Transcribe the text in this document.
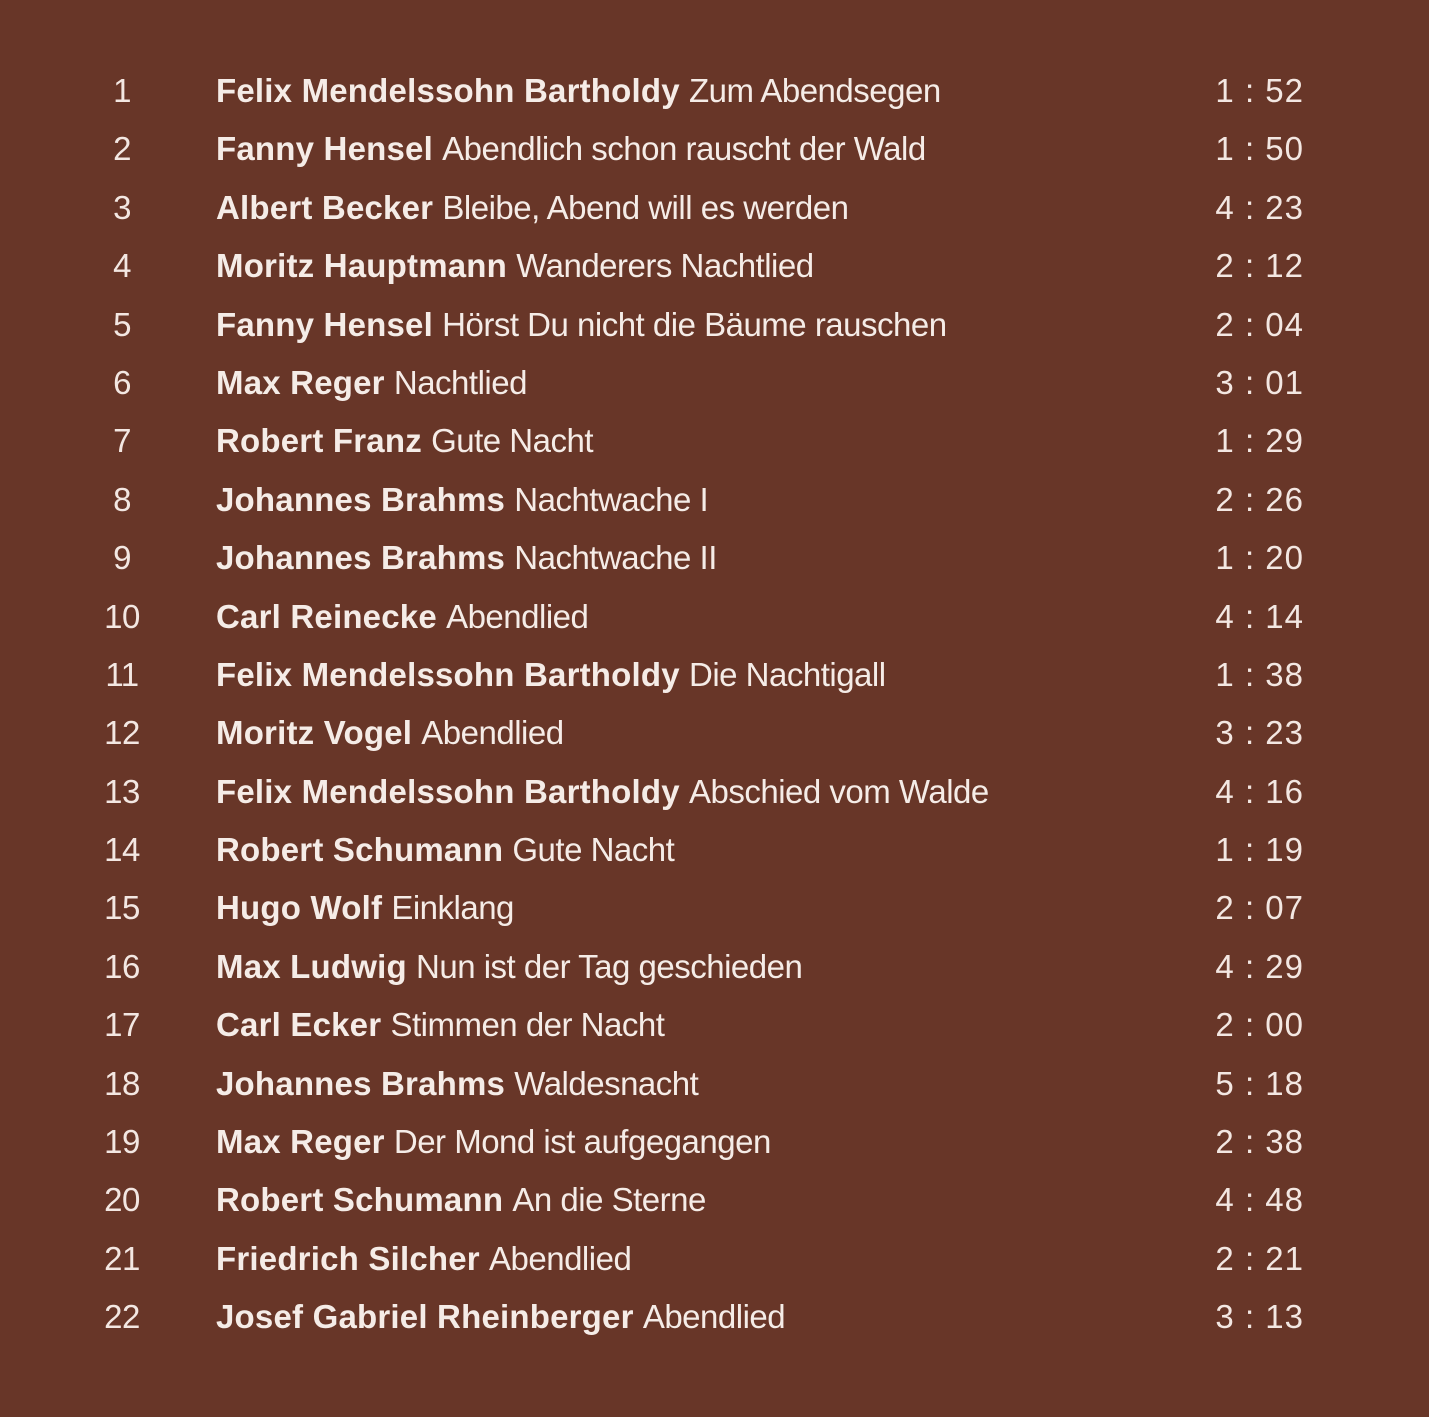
1	Felix Mendelssohn Bartholdy Zum Abendsegen	1 : 52
2	Fanny Hensel Abendlich schon rauscht der Wald	1 : 50
3	Albert Becker Bleibe, Abend will es werden	4 : 23
4	Moritz Hauptmann Wanderers Nachtlied	2 : 12
5	Fanny Hensel Hörst Du nicht die Bäume rauschen	2 : 04
6	Max Reger Nachtlied	3 : 01
7	Robert Franz Gute Nacht	1 : 29
8	Johannes Brahms Nachtwache I	2 : 26
9	Johannes Brahms Nachtwache II	1 : 20
10	Carl Reinecke Abendlied	4 : 14
11	Felix Mendelssohn Bartholdy Die Nachtigall	1 : 38
12	Moritz Vogel Abendlied	3 : 23
13	Felix Mendelssohn Bartholdy Abschied vom Walde	4 : 16
14	Robert Schumann Gute Nacht	1 : 19
15	Hugo Wolf Einklang	2 : 07
16	Max Ludwig Nun ist der Tag geschieden	4 : 29
17	Carl Ecker Stimmen der Nacht	2 : 00
18	Johannes Brahms Waldesnacht	5 : 18
19	Max Reger Der Mond ist aufgegangen	2 : 38
20	Robert Schumann An die Sterne	4 : 48
21	Friedrich Silcher Abendlied	2 : 21
22	Josef Gabriel Rheinberger Abendlied	3 : 13
